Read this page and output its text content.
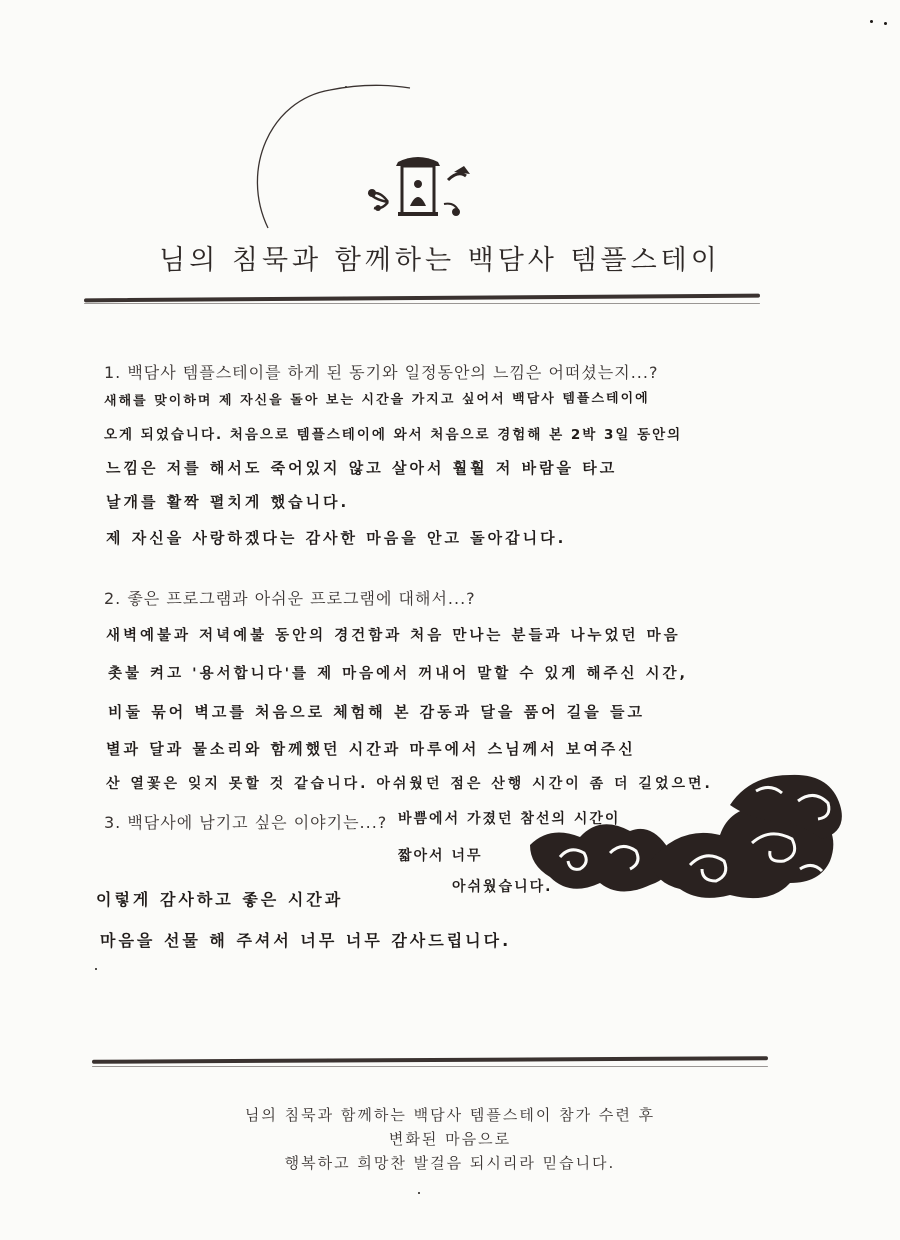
님의 침묵과 함께하는 백담사 템플스테이
1. 백담사 템플스테이를 하게 된 동기와 일정동안의 느낌은 어떠셨는지...?
새해를 맞이하며 제 자신을 돌아 보는 시간을 가지고 싶어서 백담사 템플스테이에
오게 되었습니다. 처음으로 템플스테이에 와서 처음으로 경험해 본 2박 3일 동안의
느낌은 저를 해서도 죽어있지 않고 살아서 훨훨 저 바람을 타고
날개를 활짝 펼치게 했습니다.
제 자신을 사랑하겠다는 감사한 마음을 안고 돌아갑니다.
2. 좋은 프로그램과 아쉬운 프로그램에 대해서...?
새벽예불과 저녁예불 동안의 경건함과 처음 만나는 분들과 나누었던 마음
촛불 켜고 '용서합니다'를 제 마음에서 꺼내어 말할 수 있게 해주신 시간,
비둘 묶어 벽고를 처음으로 체험해 본 감동과 달을 품어 길을 들고
별과 달과 물소리와 함께했던 시간과 마루에서 스님께서 보여주신
산 열꽃은 잊지 못할 것 같습니다. 아쉬웠던 점은 산행 시간이 좀 더 길었으면.
3. 백담사에 남기고 싶은 이야기는...? 바쁨에서 가졌던 참선의 시간이
짧아서 너무
아쉬웠습니다.
이렇게 감사하고 좋은 시간과
마음을 선물 해 주셔서 너무 너무 감사드립니다.
님의 침묵과 함께하는 백담사 템플스테이 참가 수련 후
변화된 마음으로
행복하고 희망찬 발걸음 되시리라 믿습니다.
